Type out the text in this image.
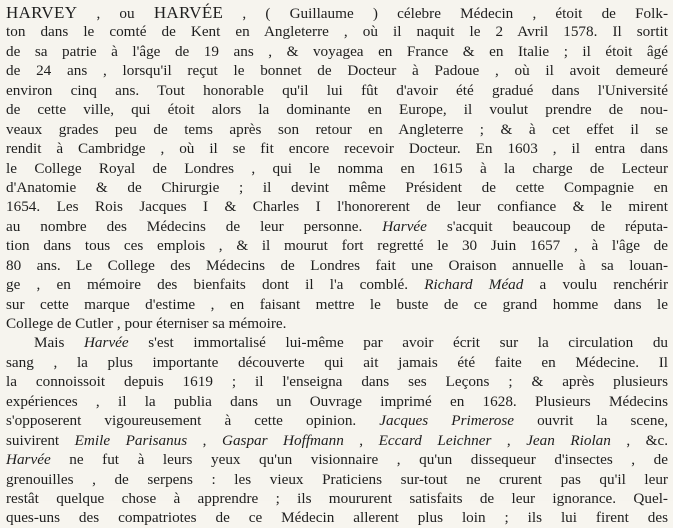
HARVEY , ou HARVÉE , ( Guillaume ) célebre Médecin , étoit de Folk-
ton dans le comté de Kent en Angleterre , où il naquit le 2 Avril 1578. Il sortit
de sa patrie à l'âge de 19 ans , & voyagea en France & en Italie ; il étoit âgé
de 24 ans , lorsqu'il reçut le bonnet de Docteur à Padoue , où il avoit demeuré
environ cinq ans. Tout honorable qu'il lui fût d'avoir été gradué dans l'Université
de cette ville, qui étoit alors la dominante en Europe, il voulut prendre de nou-
veaux grades peu de tems après son retour en Angleterre ; & à cet effet il se
rendit à Cambridge , où il se fit encore recevoir Docteur. En 1603 , il entra dans
le College Royal de Londres , qui le nomma en 1615 à la charge de Lecteur
d'Anatomie & de Chirurgie ; il devint même Président de cette Compagnie en
1654. Les Rois Jacques I & Charles I l'honorerent de leur confiance & le mirent
au nombre des Médecins de leur personne. Harvée s'acquit beaucoup de réputa-
tion dans tous ces emplois , & il mourut fort regretté le 30 Juin 1657 , à l'âge de
80 ans. Le College des Médecins de Londres fait une Oraison annuelle à sa louan-
ge , en mémoire des bienfaits dont il l'a comblé. Richard Méad a voulu renchérir
sur cette marque d'estime , en faisant mettre le buste de ce grand homme dans le
College de Cutler , pour éterniser sa mémoire.
Mais Harvée s'est immortalisé lui-même par avoir écrit sur la circulation du
sang , la plus importante découverte qui ait jamais été faite en Médecine. Il
la connoissoit depuis 1619 ; il l'enseigna dans ses Leçons ; & après plusieurs
expériences , il la publia dans un Ouvrage imprimé en 1628. Plusieurs Médecins
s'opposerent vigoureusement à cette opinion. Jacques Primerose ouvrit la scene,
suivirent Emile Parisanus , Gaspar Hoffmann , Eccard Leichner , Jean Riolan , &c.
Harvée ne fut à leurs yeux qu'un visionnaire , qu'un dissequeur d'insectes , de
grenouilles , de serpens : les vieux Praticiens sur-tout ne crurent pas qu'il leur
restât quelque chose à apprendre ; ils moururent satisfaits de leur ignorance. Quel-
ques-uns des compatriotes de ce Médecin allerent plus loin ; ils lui firent des
